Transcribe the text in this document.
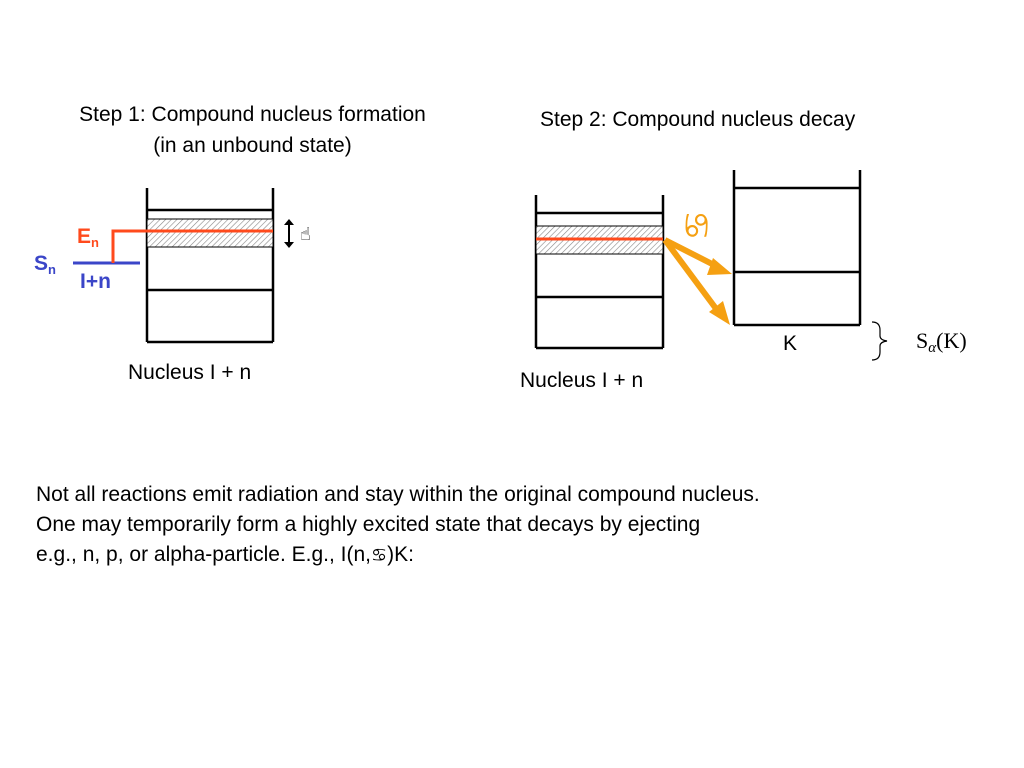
Step 1: Compound nucleus formation
(in an unbound state)
Step 2: Compound nucleus decay
En
Sn
I+n
☝
Nucleus I + n
♋
Nucleus I + n
K	$S_\alpha(K)$
Not all reactions emit radiation and stay within the original compound nucleus.
One may temporarily form a highly excited state that decays by ejecting
e.g., n, p, or alpha-particle. E.g., I(n,♋)K:
